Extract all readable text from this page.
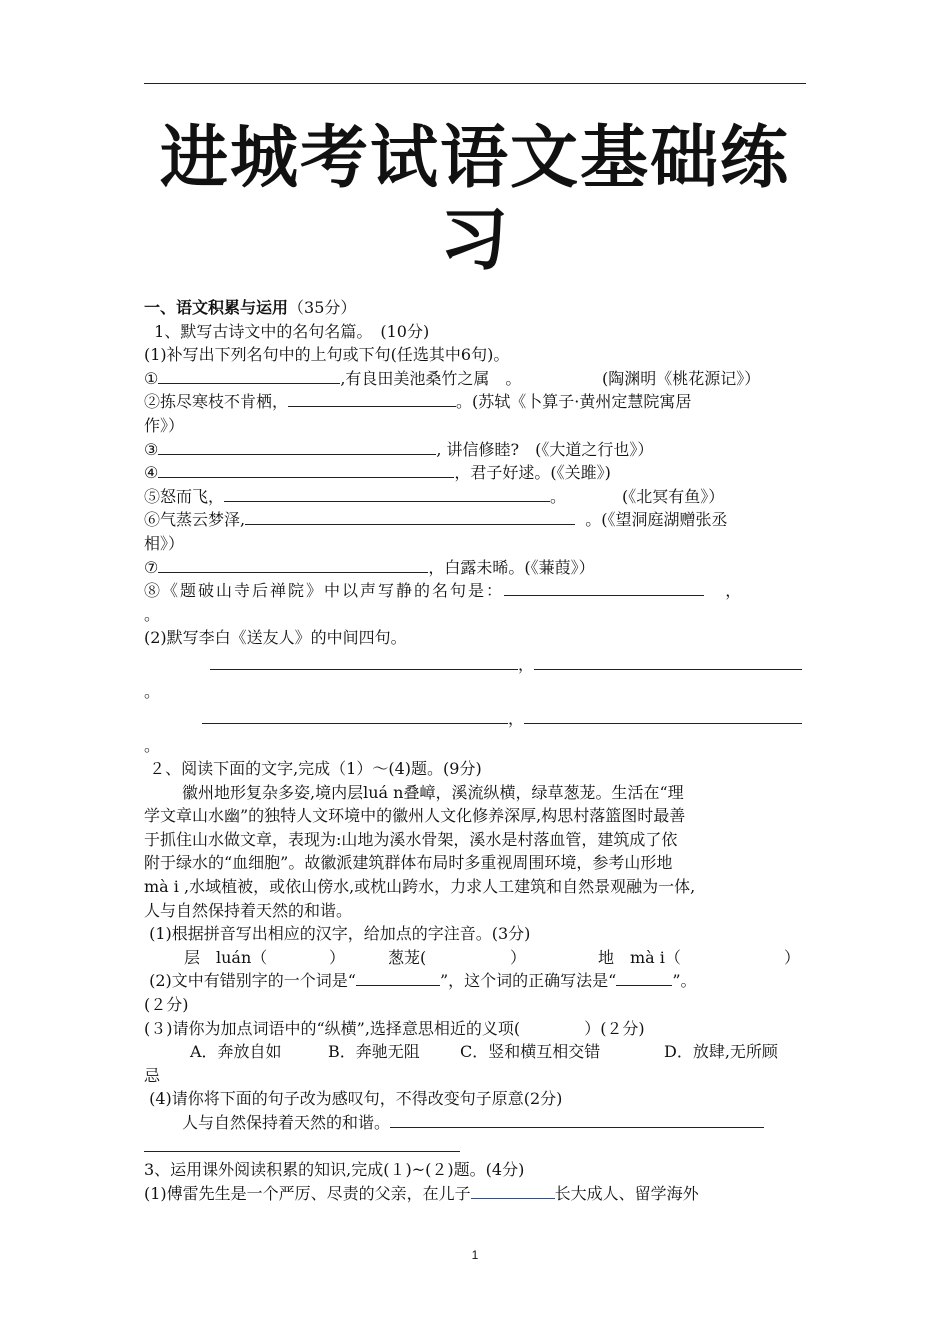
进城考试语文基础练
习
一、语文积累与运用（35分）
1、默写古诗文中的名句名篇。　(10分)
(1)补写出下列名句中的上句或下句(任选其中6句)。
①	,有良田美池桑竹之属　。	(陶渊明《桃花源记》）
②拣尽寒枝不肯栖，	。(苏轼《卜算子·黄州定慧院寓居
作》）
③	, 讲信修睦?　(《大道之行也》）
④	，君子好逑。(《关雎》)
⑤怒而飞，	。	(《北冥有鱼》）
⑥气蒸云梦泽,	。(《望洞庭湖赠张丞
相》）
⑦	，白露未晞。(《蒹葭》）
⑧《题破山寺后禅院》中以声写静的名句是：	，
。
(2)默写李白《送友人》的中间四句。
，
。
，
。
２、阅读下面的文字,完成（1）～(4)题。(9分)
徽州地形复杂多姿,境内层luá n叠嶂，溪流纵横，绿草葱茏。生活在“理
学文章山水幽”的独特人文环境中的徽州人文化修养深厚,构思村落篮图时最善
于抓住山水做文章，表现为:山地为溪水骨架，溪水是村落血管，建筑成了依
附于绿水的“血细胞”。故徽派建筑群体布局时多重视周围环境，参考山形地
mà i ,水域植被，或依山傍水,或枕山跨水，力求人工建筑和自然景观融为一体,
人与自然保持着天然的和谐。
(1)根据拼音写出相应的汉字，给加点的字注音。(3分)
层　luán（	）	葱茏(	）	地　mà i（	）
(2)文中有错别字的一个词是“	”，这个词的正确写法是“	”。
(２分)
(３)请你为加点词语中的“纵横”,选择意思相近的义项(	）(２分)
A．奔放自如	B．奔驰无阻	C．竖和横互相交错	D．放肆,无所顾
忌
(4)请你将下面的句子改为感叹句，不得改变句子原意(2分)
人与自然保持着天然的和谐。
3、运用课外阅读积累的知识,完成(１)~(２)题。(4分)
(1)傅雷先生是一个严厉、尽责的父亲，在儿子	长大成人、留学海外
1
